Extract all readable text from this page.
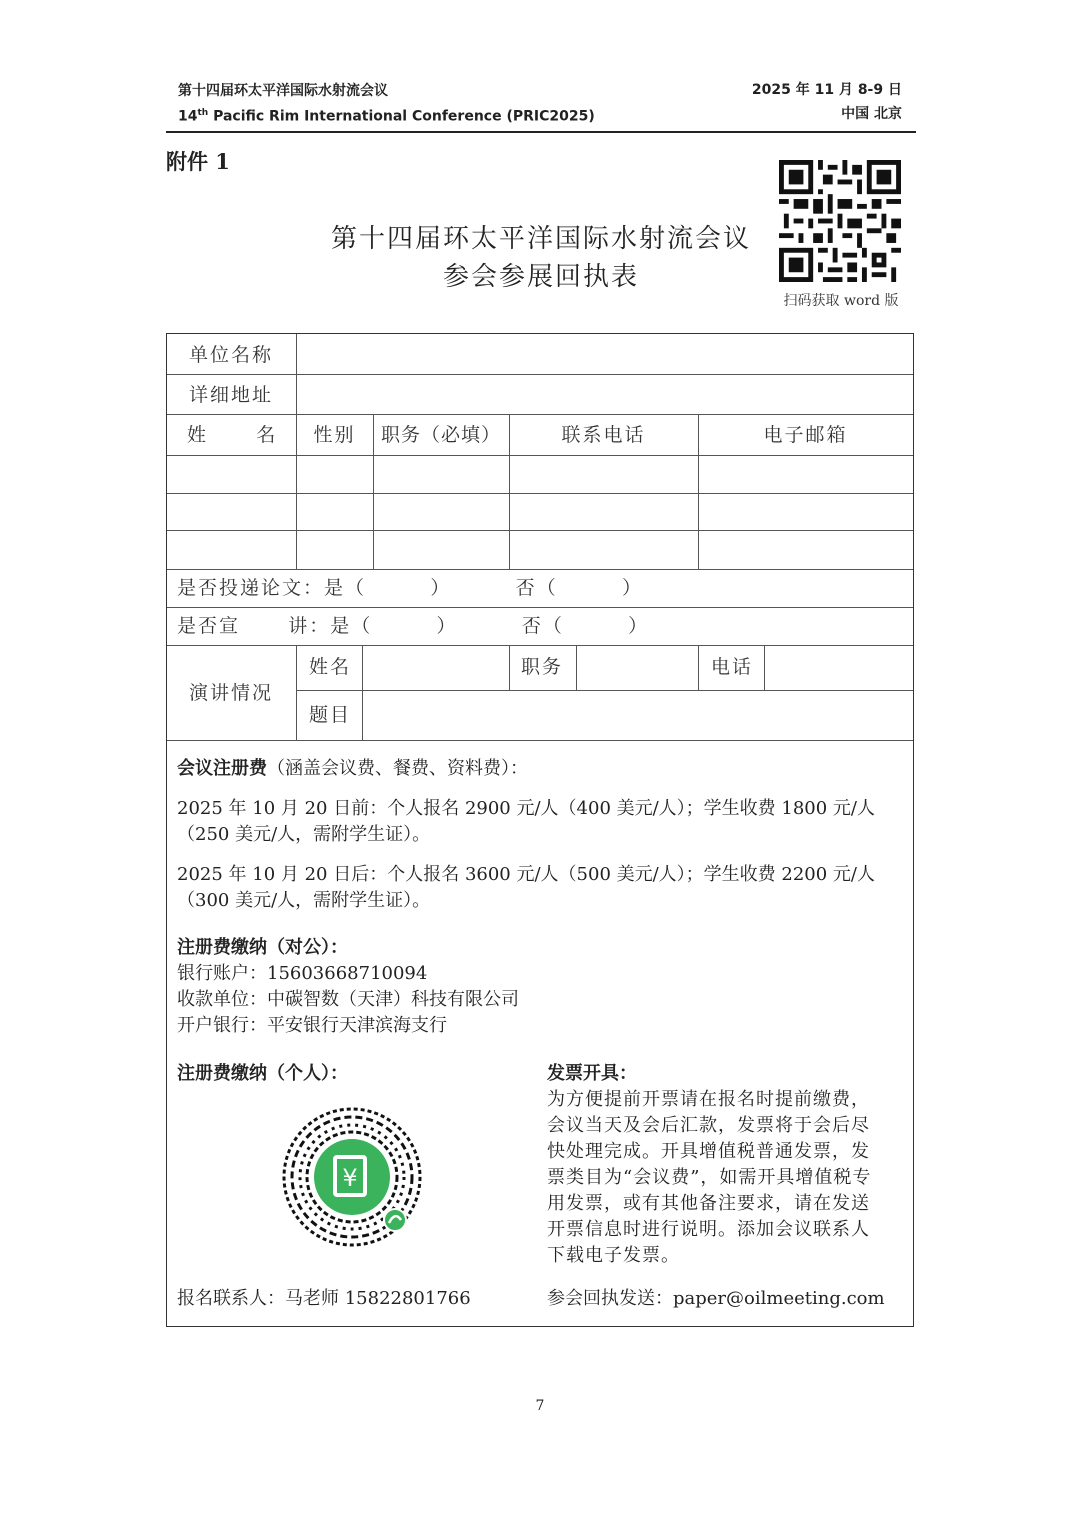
第十四届环太平洋国际水射流会议
14th Pacific Rim International Conference (PRIC2025)
2025 年 11 月 8-9 日
中国 北京
附件 1
第十四届环太平洋国际水射流会议
参会参展回执表
扫码获取 word 版
单位名称
详细地址
姓      名	性别	职务（必填）	联系电话	电子邮箱
是否投递论文：是（        ）        否（        ）
是否宣      讲：是（        ）        否（        ）
演讲情况
姓名	职务	电话
题目
会议注册费（涵盖会议费、餐费、资料费）：
2025 年 10 月 20 日前：个人报名 2900 元/人（400 美元/人）；学生收费 1800 元/人（250 美元/人，需附学生证）。
2025 年 10 月 20 日后：个人报名 3600 元/人（500 美元/人）；学生收费 2200 元/人（300 美元/人，需附学生证）。
注册费缴纳（对公）：
银行账户：15603668710094
收款单位：中碳智数（天津）科技有限公司
开户银行：平安银行天津滨海支行
注册费缴纳（个人）：
¥
发票开具：
为方便提前开票请在报名时提前缴费，会议当天及会后汇款，发票将于会后尽快处理完成。开具增值税普通发票，发票类目为“会议费”，如需开具增值税专用发票，或有其他备注要求，请在发送开票信息时进行说明。添加会议联系人下载电子发票。
报名联系人：马老师 15822801766	参会回执发送：paper@oilmeeting.com
7
